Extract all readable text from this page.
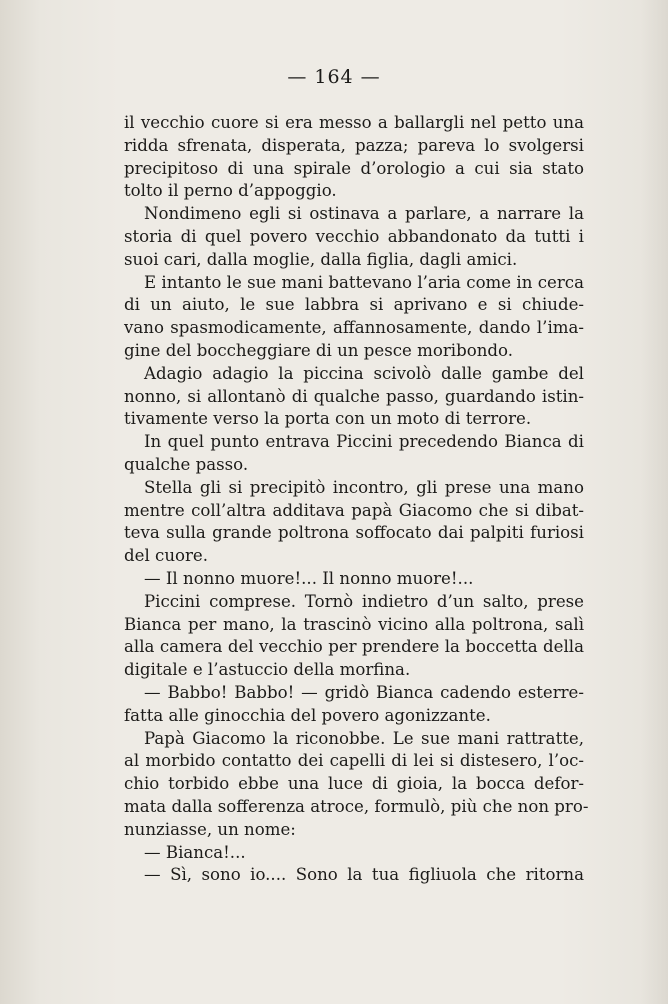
— 164 —
il vecchio cuore si era messo a ballargli nel petto una
ridda sfrenata, disperata, pazza; pareva lo svolgersi
precipitoso di una spirale d’orologio a cui sia stato
tolto il perno d’appoggio.
Nondimeno egli si ostinava a parlare, a narrare la
storia di quel povero vecchio abbandonato da tutti i
suoi cari, dalla moglie, dalla figlia, dagli amici.
E intanto le sue mani battevano l’aria come in cerca
di un aiuto, le sue labbra si aprivano e si chiude-
vano spasmodicamente, affannosamente, dando l’ima-
gine del boccheggiare di un pesce moribondo.
Adagio adagio la piccina scivolò dalle gambe del
nonno, si allontanò di qualche passo, guardando istin-
tivamente verso la porta con un moto di terrore.
In quel punto entrava Piccini precedendo Bianca di
qualche passo.
Stella gli si precipitò incontro, gli prese una mano
mentre coll’altra additava papà Giacomo che si dibat-
teva sulla grande poltrona soffocato dai palpiti furiosi
del cuore.
— Il nonno muore!... Il nonno muore!...
Piccini comprese. Tornò indietro d’un salto, prese
Bianca per mano, la trascinò vicino alla poltrona, salì
alla camera del vecchio per prendere la boccetta della
digitale e l’astuccio della morfina.
— Babbo! Babbo! — gridò Bianca cadendo esterre-
fatta alle ginocchia del povero agonizzante.
Papà Giacomo la riconobbe. Le sue mani rattratte,
al morbido contatto dei capelli di lei si distesero, l’oc-
chio torbido ebbe una luce di gioia, la bocca defor-
mata dalla sofferenza atroce, formulò, più che non pro-
nunziasse, un nome:
— Bianca!...
— Sì, sono io.... Sono la tua figliuola che ritorna
